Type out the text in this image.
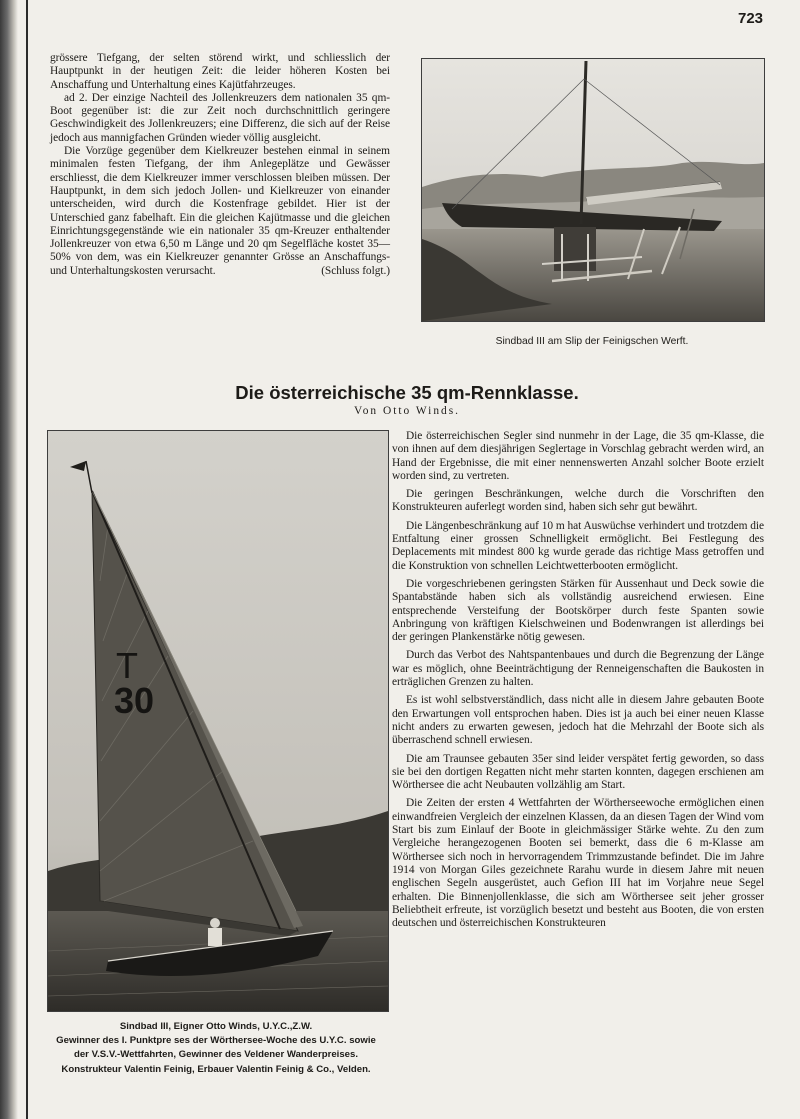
723

grössere Tiefgang, der selten störend wirkt, und schliesslich der Hauptpunkt in der heutigen Zeit: die leider höheren Kosten bei Anschaffung und Unterhaltung eines Kajütfahrzeuges.

ad 2. Der einzige Nachteil des Jollenkreuzers dem nationalen 35 qm-Boot gegenüber ist: die zur Zeit noch durchschnittlich geringere Geschwindigkeit des Jollenkreuzers; eine Differenz, die sich auf der Reise jedoch aus mannigfachen Gründen wieder völlig ausgleicht.

Die Vorzüge gegenüber dem Kielkreuzer bestehen einmal in seinem minimalen festen Tiefgang, der ihm Anlegeplätze und Gewässer erschliesst, die dem Kielkreuzer immer verschlossen bleiben müssen. Der Hauptpunkt, in dem sich jedoch Jollen- und Kielkreuzer von einander unterscheiden, wird durch die Kostenfrage gebildet. Hier ist der Unterschied ganz fabelhaft. Ein die gleichen Kajütmasse und die gleichen Einrichtungsgegenstände wie ein nationaler 35 qm-Kreuzer enthaltender Jollenkreuzer von etwa 6,50 m Länge und 20 qm Segelfläche kostet 35—50% von dem, was ein Kielkreuzer genannter Grösse an Anschaffungs- und Unterhaltungskosten verursacht.	(Schluss folgt.)

Sindbad III am Slip der Feinigschen Werft.
Die österreichische 35 qm-Rennklasse.
Von Otto Winds.
T
30
Sindbad III, Eigner Otto Winds, U.Y.C.,Z.W.
Gewinner des I. Punktpre ses der Wörthersee-Woche des U.Y.C. sowie
der V.S.V.-Wettfahrten, Gewinner des Veldener Wanderpreises.
Konstrukteur Valentin Feinig, Erbauer Valentin Feinig & Co., Velden.

Die österreichischen Segler sind nunmehr in der Lage, die 35 qm-Klasse, die von ihnen auf dem diesjährigen Seglertage in Vorschlag gebracht werden wird, an Hand der Ergebnisse, die mit einer nennenswerten Anzahl solcher Boote erzielt worden sind, zu vertreten.

Die geringen Beschränkungen, welche durch die Vorschriften den Konstrukteuren auferlegt worden sind, haben sich sehr gut bewährt.

Die Längenbeschränkung auf 10 m hat Auswüchse verhindert und trotzdem die Entfaltung einer grossen Schnelligkeit ermöglicht. Bei Festlegung des Deplacements mit mindest 800 kg wurde gerade das richtige Mass getroffen und die Konstruktion von schnellen Leichtwetterbooten ermöglicht.

Die vorgeschriebenen geringsten Stärken für Aussenhaut und Deck sowie die Spantabstände haben sich als vollständig ausreichend erwiesen. Eine entsprechende Versteifung der Bootskörper durch feste Spanten sowie Anbringung von kräftigen Kielschweinen und Bodenwrangen ist allerdings bei der geringen Plankenstärke nötig gewesen.

Durch das Verbot des Nahtspantenbaues und durch die Begrenzung der Länge war es möglich, ohne Beeinträchtigung der Renneigenschaften die Baukosten in erträglichen Grenzen zu halten.

Es ist wohl selbstverständlich, dass nicht alle in diesem Jahre gebauten Boote den Erwartungen voll entsprochen haben. Dies ist ja auch bei einer neuen Klasse nicht anders zu erwarten gewesen, jedoch hat die Mehrzahl der Boote sich als überraschend schnell erwiesen.

Die am Traunsee gebauten 35er sind leider verspätet fertig geworden, so dass sie bei den dortigen Regatten nicht mehr starten konnten, dagegen erschienen am Wörthersee die acht Neubauten vollzählig am Start.

Die Zeiten der ersten 4 Wettfahrten der Wörtherseewoche ermöglichen einen einwandfreien Vergleich der einzelnen Klassen, da an diesen Tagen der Wind vom Start bis zum Einlauf der Boote in gleichmässiger Stärke wehte. Zu den zum Vergleiche herangezogenen Booten sei bemerkt, dass die 6 m-Klasse am Wörthersee sich noch in hervorragendem Trimmzustande befindet. Die im Jahre 1914 von Morgan Giles gezeichnete Rarahu wurde in diesem Jahre mit neuen englischen Segeln ausgerüstet, auch Gefion III hat im Vorjahre neue Segel erhalten. Die Binnenjollenklasse, die sich am Wörthersee seit jeher grosser Beliebtheit erfreute, ist vorzüglich besetzt und besteht aus Booten, die von ersten deutschen und österreichischen Konstrukteuren
